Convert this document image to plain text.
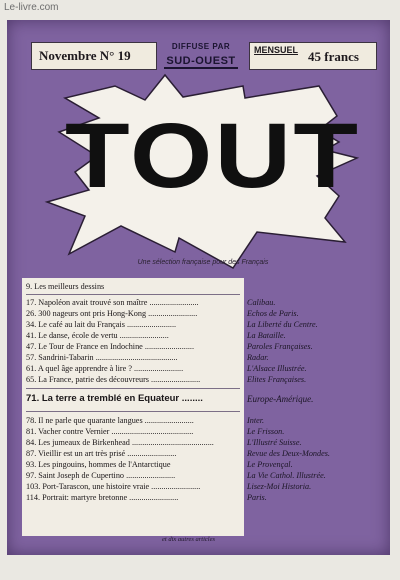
Le-livre.com
Novembre N° 19
DIFFUSE PAR
SUD-OUEST
MENSUEL 45 francs
TOUT
Une sélection française pour des Français
9. Les meilleurs dessins
17. Napoléon avait trouvé son maître ........................	Calibau.
26. 300 nageurs ont pris Hong-Kong ........................	Echos de Paris.
34. Le café au lait du Français ........................	La Liberté du Centre.
41. Le danse, école de vertu ........................	La Bataille.
47. Le Tour de France en Indochine ........................	Paroles Françaises.
57. Sandrini-Tabarin ........................................	Radar.
61. A quel âge apprendre à lire ? ........................	L'Alsace Illustrée.
65. La France, patrie des découvreurs ........................	Elites Françaises.
71. La terre a tremblé en Equateur ........	Europe-Amérique.
78. Il ne parle que quarante langues ........................	Inter.
81. Vacher contre Vernier ........................................	Le Frisson.
84. Les jumeaux de Birkenhead ........................................	L'Illustré Suisse.
87. Vieillir est un art très prisé ........................	Revue des Deux-Mondes.
93. Les pingouins, hommes de l'Antarctique	Le Provençal.
97. Saint Joseph de Cupertino ........................	La Vie Cathol. Illustrée.
103. Port-Tarascon, une histoire vraie ........................	Lisez-Moi Historia.
114. Portrait: martyre bretonne ........................	Paris.
et dix autres articles
